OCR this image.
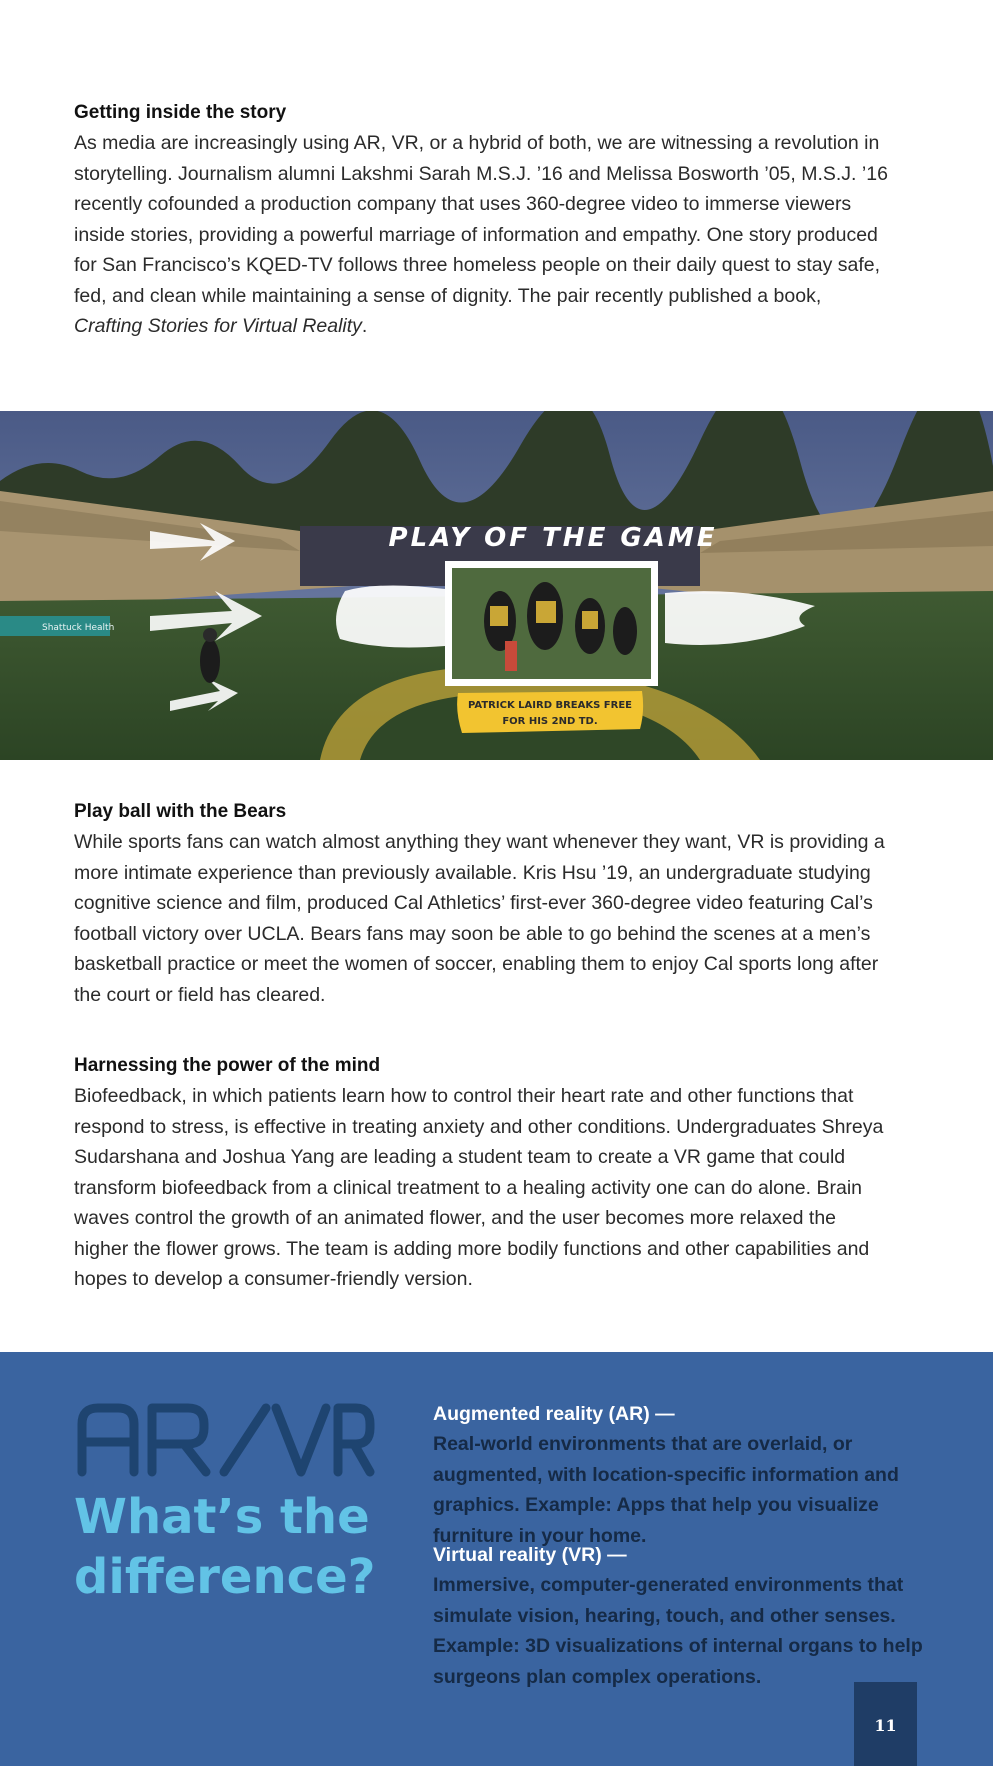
Getting inside the story

As media are increasingly using AR, VR, or a hybrid of both, we are witnessing a revolution in storytelling. Journalism alumni Lakshmi Sarah M.S.J. ’16 and Melissa Bosworth ’05, M.S.J. ’16 recently cofounded a production company that uses 360-degree video to immerse viewers inside stories, providing a powerful marriage of information and empathy. One story produced for San Francisco’s KQED-TV follows three homeless people on their daily quest to stay safe, fed, and clean while maintaining a sense of dignity. The pair recently published a book, Crafting Stories for Virtual Reality.

Shattuck Health
PLAY OF THE GAME
PATRICK LAIRD BREAKS FREE
FOR HIS 2ND TD.

Play ball with the Bears

While sports fans can watch almost anything they want whenever they want, VR is providing a more intimate experience than previously available. Kris Hsu ’19, an undergraduate studying cognitive science and film, produced Cal Athletics’ first-ever 360-degree video featuring Cal’s football victory over UCLA. Bears fans may soon be able to go behind the scenes at a men’s basketball practice or meet the women of soccer, enabling them to enjoy Cal sports long after the court or field has cleared.

Harnessing the power of the mind

Biofeedback, in which patients learn how to control their heart rate and other functions that respond to stress, is effective in treating anxiety and other conditions. Undergraduates Shreya Sudarshana and Joshua Yang are leading a student team to create a VR game that could transform biofeedback from a clinical treatment to a healing activity one can do alone. Brain waves control the growth of an animated flower, and the user becomes more relaxed the higher the flower grows. The team is adding more bodily functions and other capabilities and hopes to develop a consumer-friendly version.

What’s the difference?

Augmented reality (AR) —

Real-world environments that are overlaid, or augmented, with location-specific information and graphics. Example: Apps that help you visualize furniture in your home.

Virtual reality (VR) —

Immersive, computer-generated environments that simulate vision, hearing, touch, and other senses. Example: 3D visualizations of internal organs to help surgeons plan complex operations.

11
